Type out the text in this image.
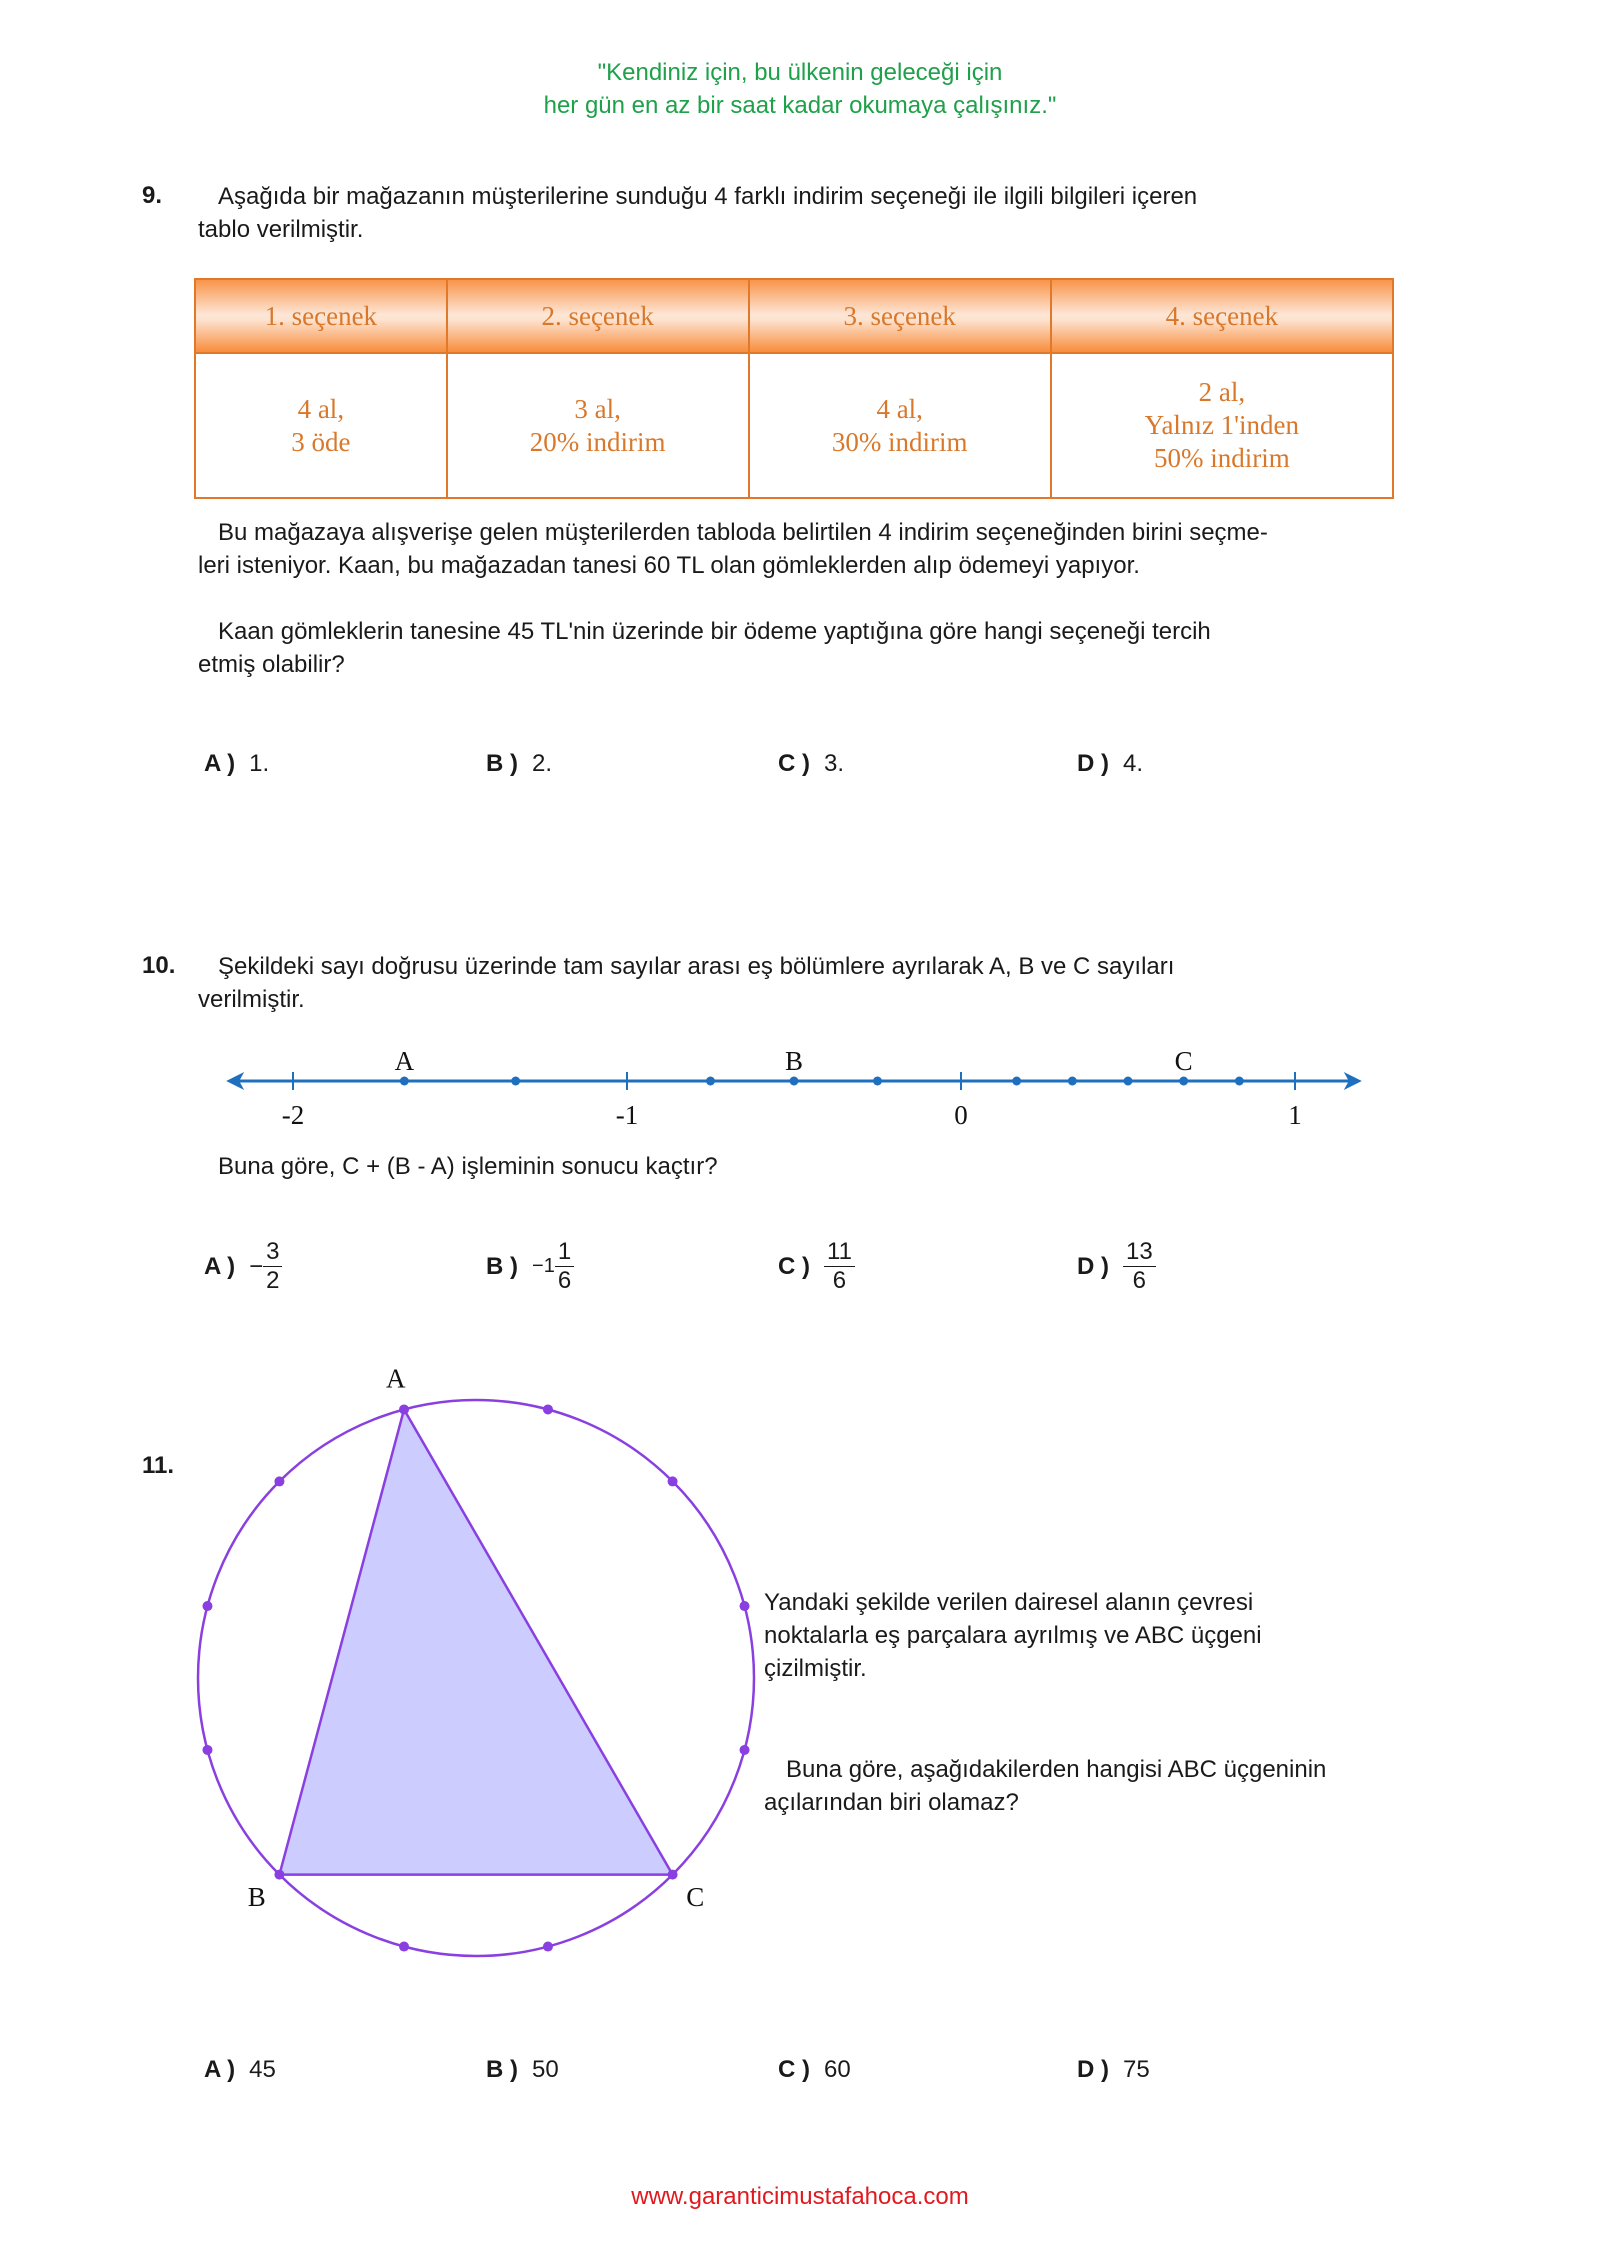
"Kendiniz için, bu ülkenin geleceği için
her gün en az bir saat kadar okumaya çalışınız."
9. Aşağıda bir mağazanın müşterilerine sunduğu 4 farklı indirim seçeneği ile ilgili bilgileri içeren
tablo verilmiştir.
1. seçenek	2. seçenek	3. seçenek	4. seçenek

4 al,
3 öde

3 al,
20% indirim

4 al,
30% indirim

2 al,
Yalnız 1'inden
50% indirim
Bu mağazaya alışverişe gelen müşterilerden tabloda belirtilen 4 indirim seçeneğinden birini seçme-
leri isteniyor. Kaan, bu mağazadan tanesi 60 TL olan gömleklerden alıp ödemeyi yapıyor.
Kaan gömleklerin tanesine 45 TL'nin üzerinde bir ödeme yaptığına göre hangi seçeneği tercih
etmiş olabilir?
A ) 1.	B ) 2.	C ) 3.	D ) 4.
10. Şekildeki sayı doğrusu üzerinde tam sayılar arası eş bölümlere ayrılarak A, B ve C sayıları
verilmiştir.
-2	-1	0	1
A	B	C
Buna göre, C + (B - A) işleminin sonucu kaçtır?
A ) − $\frac{3}{2}$	B ) − $1 \frac{1}{6}$	C ) $\frac{11}{6}$	D ) $\frac{13}{6}$
11.
A
B	C
Yandaki şekilde verilen dairesel alanın çevresi
noktalarla eş parçalara ayrılmış ve ABC üçgeni
çizilmiştir.
Buna göre, aşağıdakilerden hangisi ABC üçgeninin
açılarından biri olamaz?
A ) 45	B ) 50	C ) 60	D ) 75
www.garanticimustafahoca.com
